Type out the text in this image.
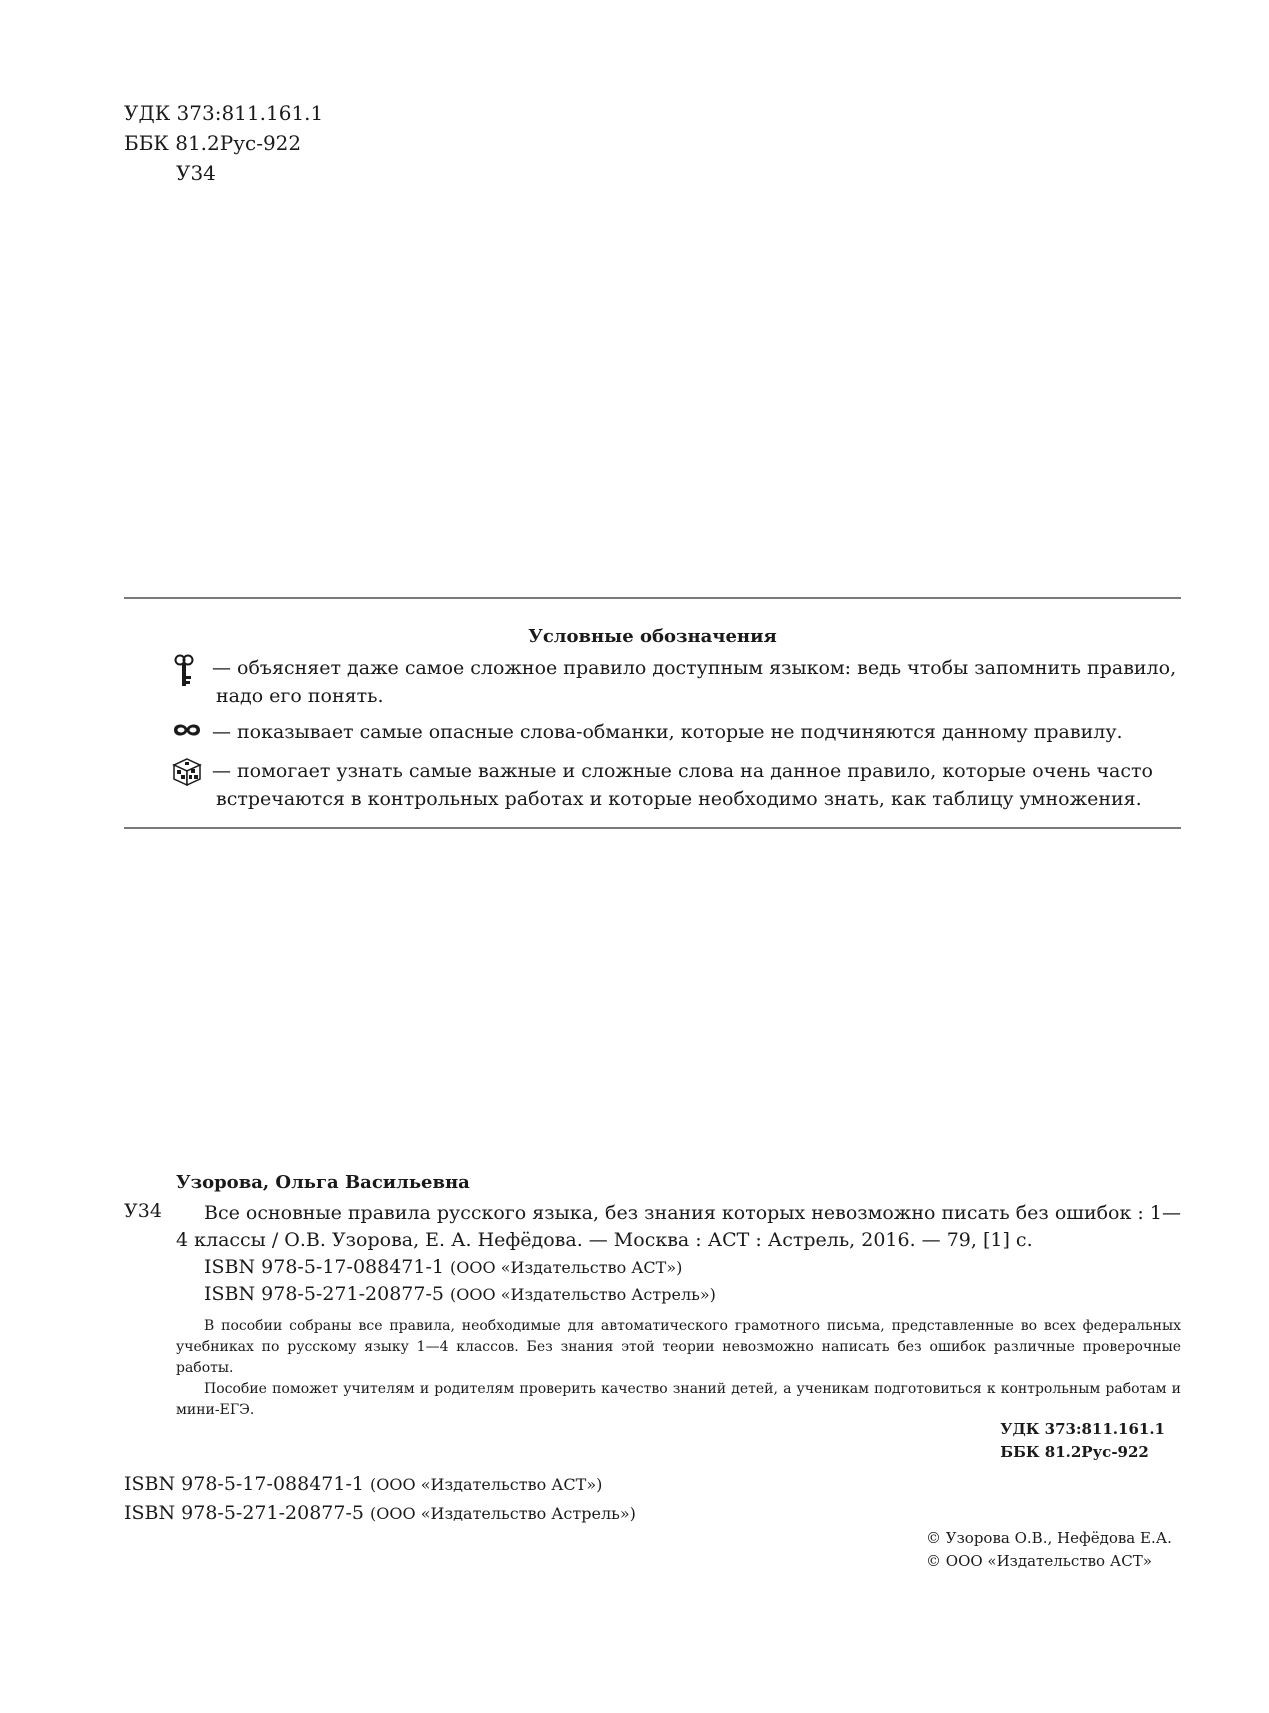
УДК 373:811.161.1
ББК 81.2Рус-922
У34
Условные обозначения
— объясняет даже самое сложное правило доступным языком: ведь чтобы запомнить правило, надо его понять.
— показывает самые опасные слова-обманки, которые не подчиняются данному правилу.
— помогает узнать самые важные и сложные слова на данное правило, которые очень часто встречаются в контрольных работах и которые необходимо знать, как таблицу умножения.
Узорова, Ольга Васильевна
У34	Все основные правила русского языка, без знания которых невозможно писать без ошибок : 1—4 классы / О.В. Узорова, Е. А. Нефёдова. — Москва : АСТ : Астрель, 2016. — 79, [1] с.
ISBN 978-5-17-088471-1 (ООО «Издательство АСТ»)
ISBN 978-5-271-20877-5 (ООО «Издательство Астрель»)

В пособии собраны все правила, необходимые для автоматического грамотного письма, представленные во всех федеральных учебниках по русскому языку 1—4 классов. Без знания этой теории невозможно написать без ошибок различные проверочные работы.

Пособие поможет учителям и родителям проверить качество знаний детей, а ученикам подготовиться к контрольным работам и мини-ЕГЭ.

УДК 373:811.161.1
ББК 81.2Рус-922
ISBN 978-5-17-088471-1 (ООО «Издательство АСТ»)
ISBN 978-5-271-20877-5 (ООО «Издательство Астрель»)
© Узорова О.В., Нефёдова Е.А.
© ООО «Издательство АСТ»
